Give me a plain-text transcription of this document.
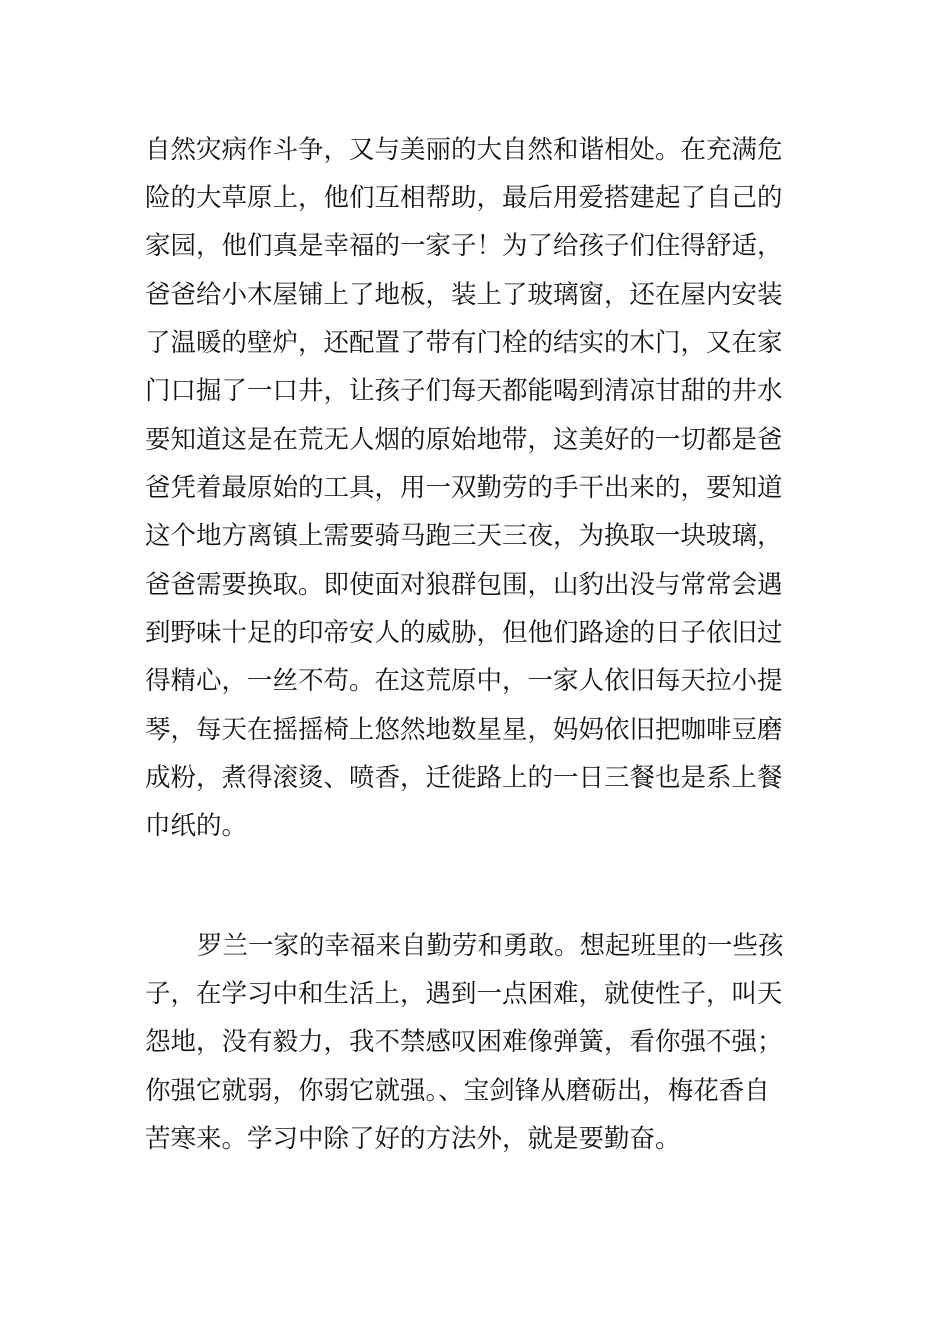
自然灾病作斗争，又与美丽的大自然和谐相处。在充满危
险的大草原上，他们互相帮助，最后用爱搭建起了自己的
家园，他们真是幸福的一家子！为了给孩子们住得舒适，
爸爸给小木屋铺上了地板，装上了玻璃窗，还在屋内安装
了温暖的壁炉，还配置了带有门栓的结实的木门，又在家
门口掘了一口井，让孩子们每天都能喝到清凉甘甜的井水
要知道这是在荒无人烟的原始地带，这美好的一切都是爸
爸凭着最原始的工具，用一双勤劳的手干出来的，要知道
这个地方离镇上需要骑马跑三天三夜，为换取一块玻璃，
爸爸需要换取。即使面对狼群包围，山豹出没与常常会遇
到野味十足的印帝安人的威胁，但他们路途的日子依旧过
得精心，一丝不苟。在这荒原中，一家人依旧每天拉小提
琴，每天在摇摇椅上悠然地数星星，妈妈依旧把咖啡豆磨
成粉，煮得滚烫、喷香，迁徙路上的一日三餐也是系上餐
巾纸的。
罗兰一家的幸福来自勤劳和勇敢。想起班里的一些孩
子，在学习中和生活上，遇到一点困难，就使性子，叫天
怨地，没有毅力，我不禁感叹困难像弹簧，看你强不强；
你强它就弱，你弱它就强。、宝剑锋从磨砺出，梅花香自
苦寒来。学习中除了好的方法外，就是要勤奋。
